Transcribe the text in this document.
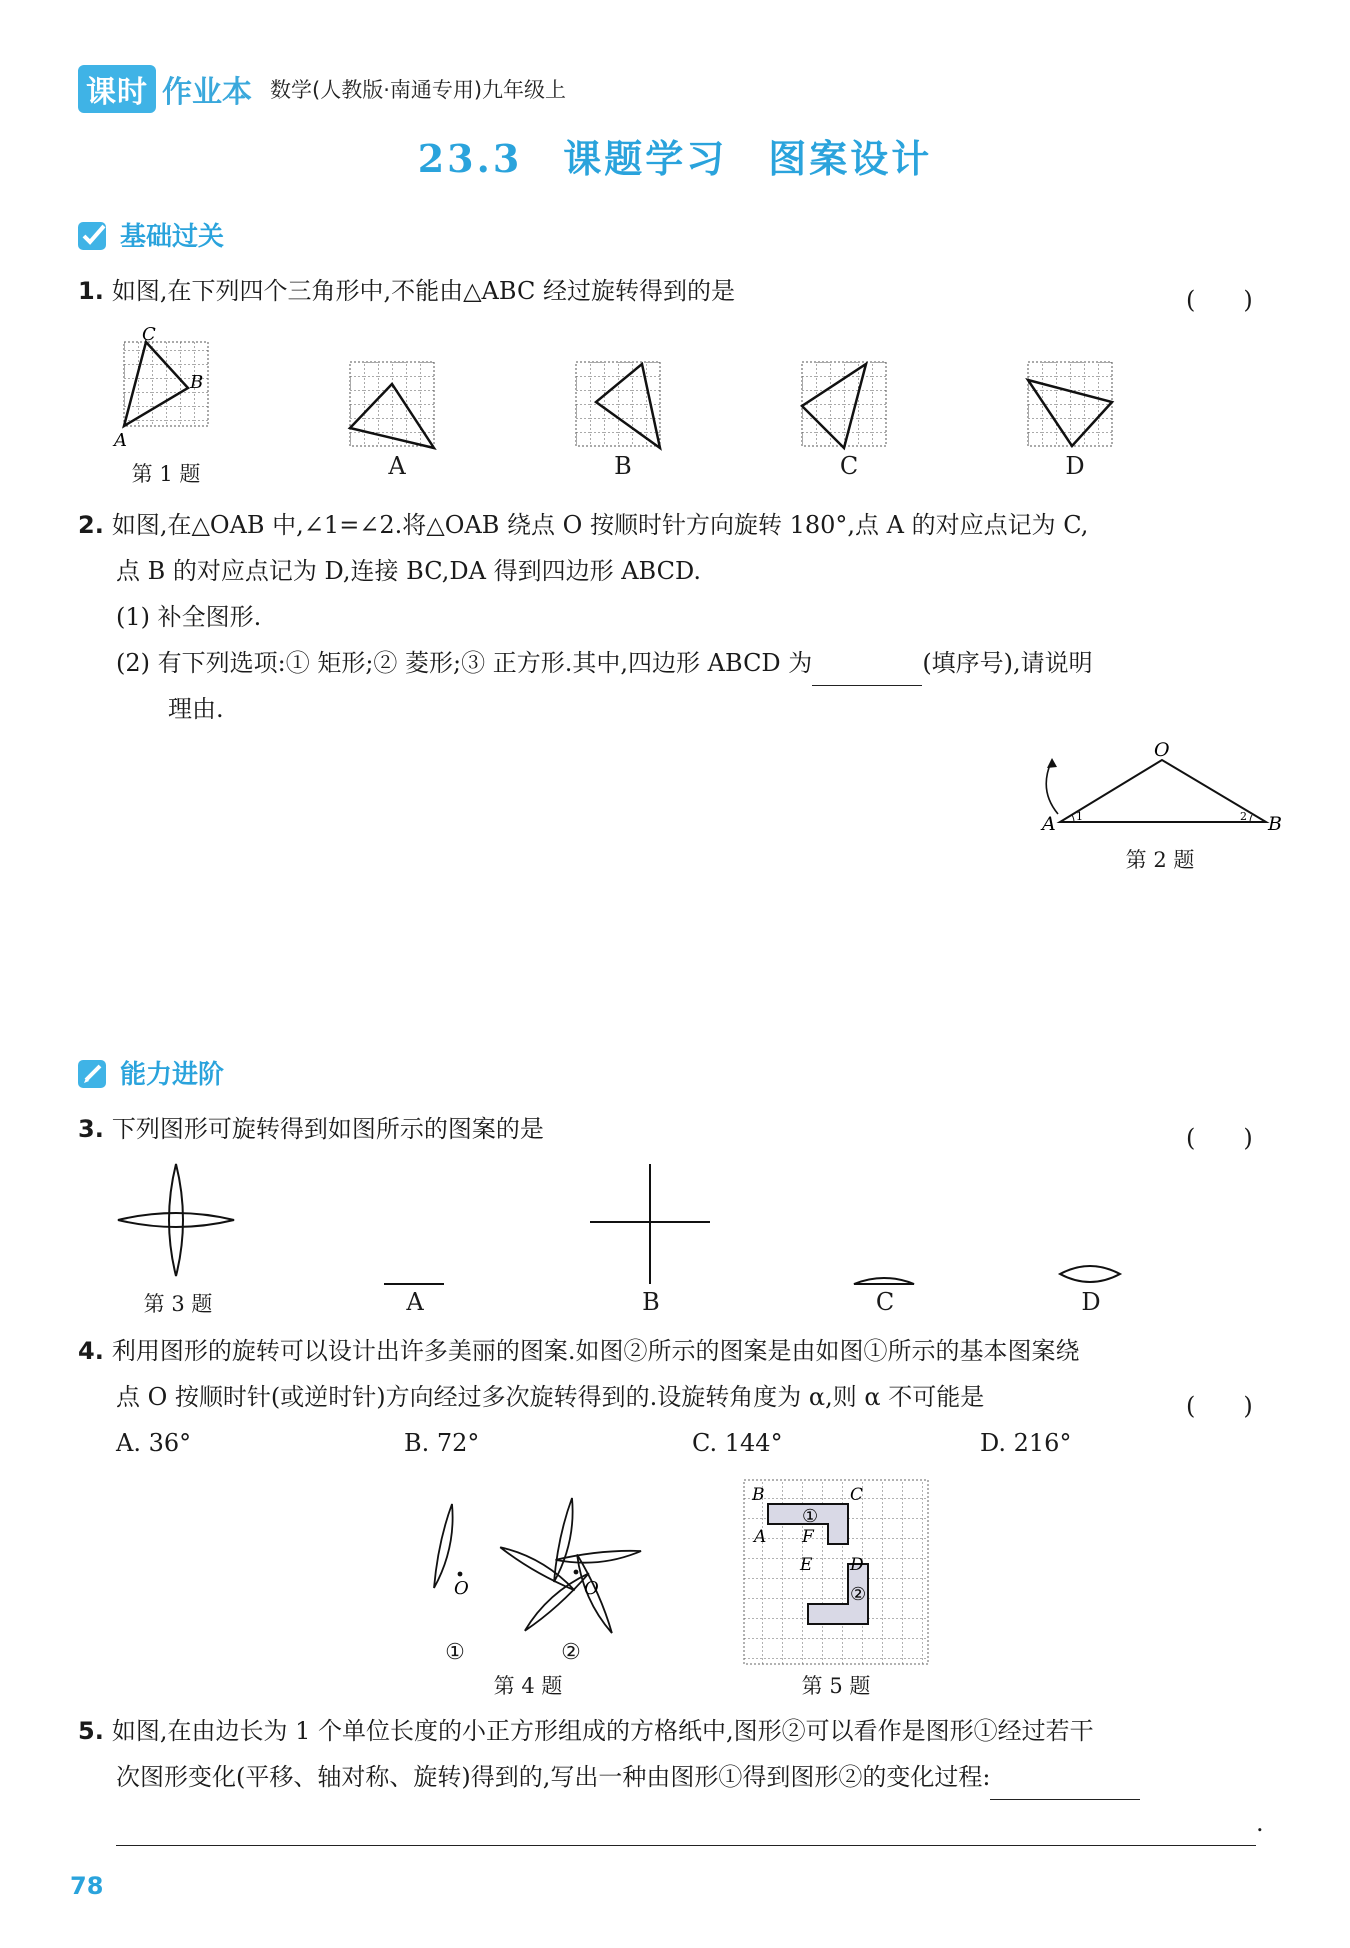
课时 作业本 数学(人教版·南通专用)九年级上
23.3　课题学习　图案设计
基础过关
1. 如图,在下列四个三角形中,不能由△ABC 经过旋转得到的是	(　　)
C
B
A
第 1 题	A	B	C	D
2. 如图,在△OAB 中,∠1=∠2.将△OAB 绕点 O 按顺时针方向旋转 180°,点 A 的对应点记为 C,
点 B 的对应点记为 D,连接 BC,DA 得到四边形 ABCD.
(1) 补全图形.
(2) 有下列选项:① 矩形;② 菱形;③ 正方形.其中,四边形 ABCD 为	(填序号),请说明
理由.
O
A	B
1	2
第 2 题
能力进阶
3. 下列图形可旋转得到如图所示的图案的是	(　　)
第 3 题	A	B	C	D
4. 利用图形的旋转可以设计出许多美丽的图案.如图②所示的图案是由如图①所示的基本图案绕
点 O 按顺时针(或逆时针)方向经过多次旋转得到的.设旋转角度为 α,则 α 不可能是	(　　)
A. 36°	B. 72°	C. 144°	D. 216°
O	O
①	②
第 4 题
B	C
A F
E D
①
②
第 5 题
5. 如图,在由边长为 1 个单位长度的小正方形组成的方格纸中,图形②可以看作是图形①经过若干
次图形变化(平移、轴对称、旋转)得到的,写出一种由图形①得到图形②的变化过程:
.
78
